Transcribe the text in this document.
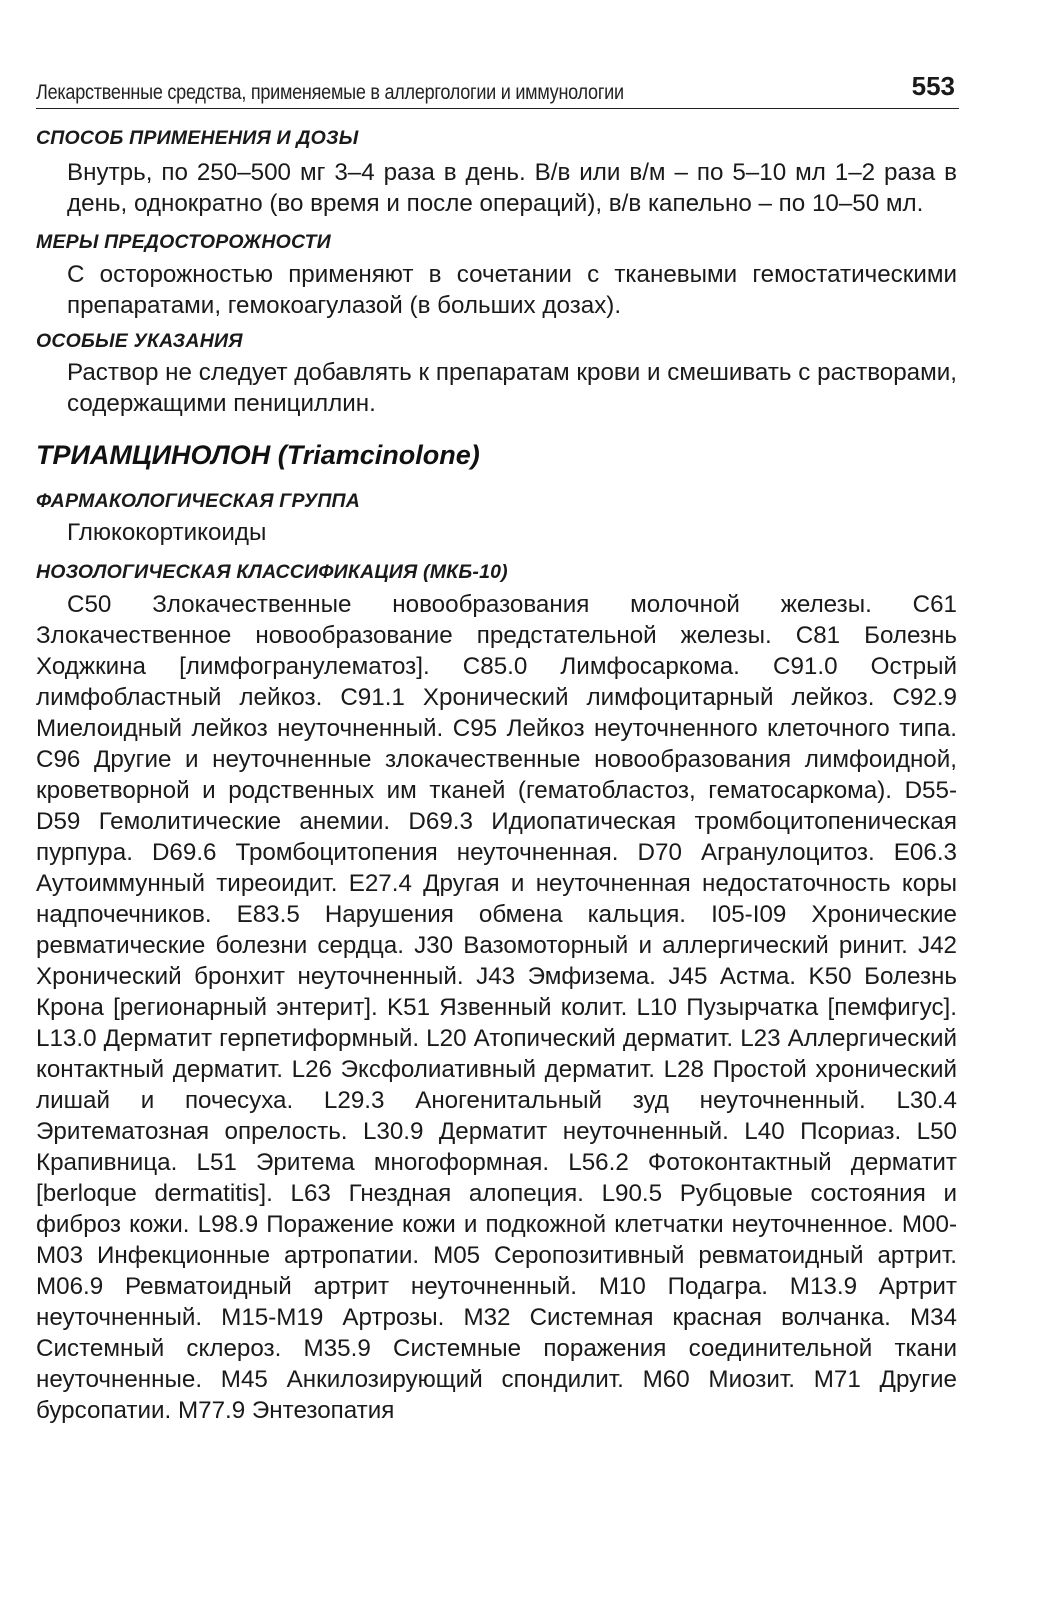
Лекарственные средства, применяемые в аллергологии и иммунологии	553
СПОСОБ ПРИМЕНЕНИЯ И ДОЗЫ

Внутрь, по 250–500 мг 3–4 раза в день. В/в или в/м – по 5–10 мл 1–2 раза в день, однократно (во время и после операций), в/в капельно – по 10–50 мл.

МЕРЫ ПРЕДОСТОРОЖНОСТИ

С осторожностью применяют в сочетании с тканевыми гемостатическими препаратами, гемокоагулазой (в больших дозах).

ОСОБЫЕ УКАЗАНИЯ

Раствор не следует добавлять к препаратам крови и смешивать с растворами, содержащими пенициллин.

ТРИАМЦИНОЛОН (Triamcinolone)
ФАРМАКОЛОГИЧЕСКАЯ ГРУППА

Глюкокортикоиды

НОЗОЛОГИЧЕСКАЯ КЛАССИФИКАЦИЯ (МКБ-10)

С50 Злокачественные новообразования молочной железы. С61 Злокачественное новообразование предстательной железы. С81 Болезнь Ходжкина [лимфогранулематоз]. С85.0 Лимфосаркома. С91.0 Острый лимфобластный лейкоз. С91.1 Хронический лимфоцитарный лейкоз. С92.9 Миелоидный лейкоз неуточненный. С95 Лейкоз неуточненного клеточного типа. С96 Другие и неуточненные злокачественные новообразования лимфоидной, кроветворной и родственных им тканей (гематобластоз, гематосаркома). D55-D59 Гемолитические анемии. D69.3 Идиопатическая тромбоцитопеническая пурпура. D69.6 Тромбоцитопения неуточненная. D70 Агранулоцитоз. Е06.3 Аутоиммунный тиреоидит. Е27.4 Другая и неуточненная недостаточность коры надпочечников. Е83.5 Нарушения обмена кальция. I05-I09 Хронические ревматические болезни сердца. J30 Вазомоторный и аллергический ринит. J42 Хронический бронхит неуточненный. J43 Эмфизема. J45 Астма. K50 Болезнь Крона [регионарный энтерит]. K51 Язвенный колит. L10 Пузырчатка [пемфигус]. L13.0 Дерматит герпетиформный. L20 Атопический дерматит. L23 Аллергический контактный дерматит. L26 Эксфолиативный дерматит. L28 Простой хронический лишай и почесуха. L29.3 Аногенитальный зуд неуточненный. L30.4 Эритематозная опрелость. L30.9 Дерматит неуточненный. L40 Псориаз. L50 Крапивница. L51 Эритема многоформная. L56.2 Фотоконтактный дерматит [berloque dermatitis]. L63 Гнездная алопеция. L90.5 Рубцовые состояния и фиброз кожи. L98.9 Поражение кожи и подкожной клетчатки неуточненное. M00-M03 Инфекционные артропатии. M05 Серопозитивный ревматоидный артрит. M06.9 Ревматоидный артрит неуточненный. M10 Подагра. M13.9 Артрит неуточненный. M15-M19 Артрозы. M32 Системная красная волчанка. M34 Системный склероз. M35.9 Системные поражения соединительной ткани неуточненные. M45 Анкилозирующий спондилит. M60 Миозит. M71 Другие бурсопатии. M77.9 Энтезопатия
